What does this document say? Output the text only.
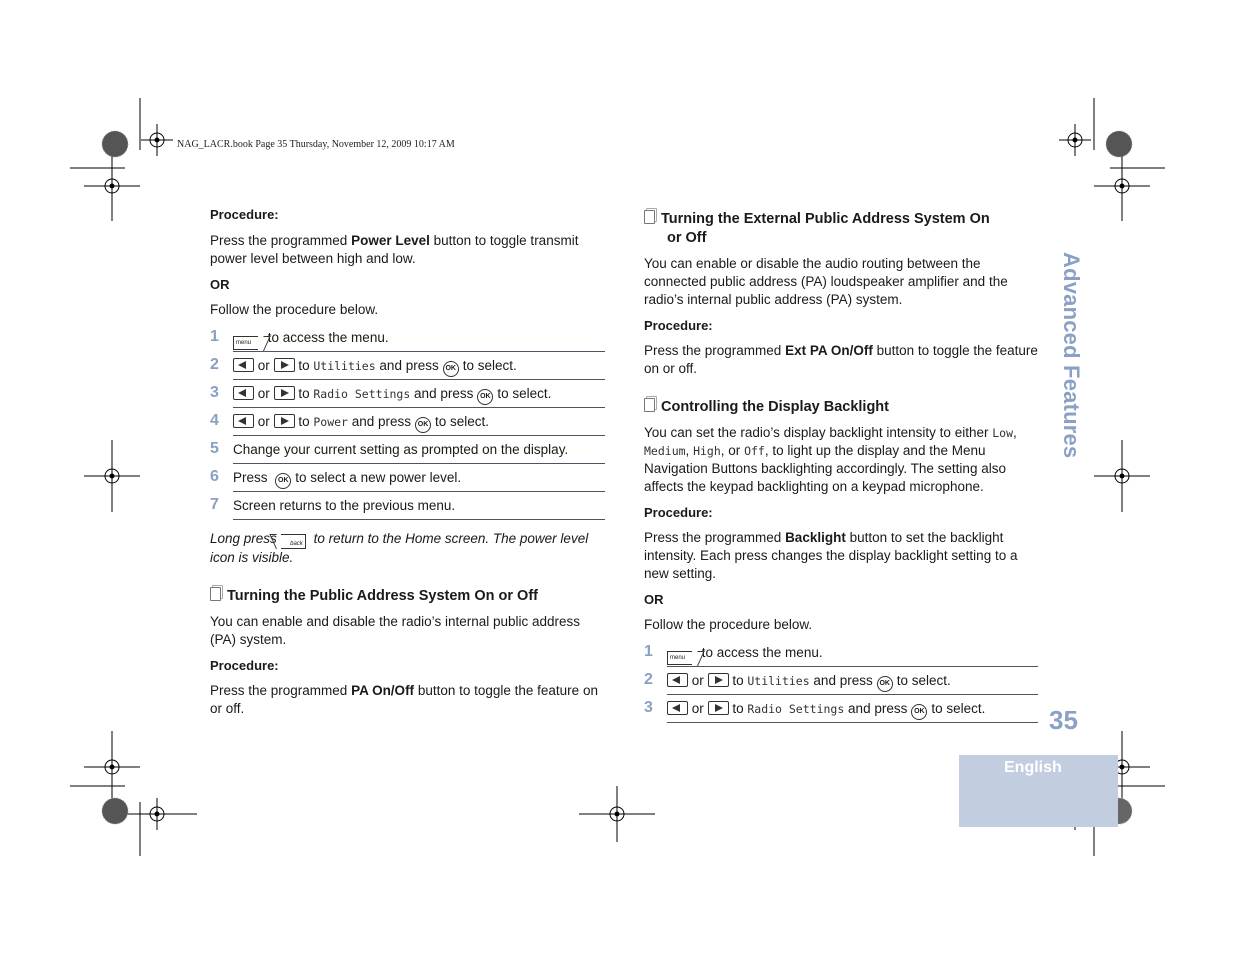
NAG_LACR.book Page 35 Thursday, November 12, 2009 10:17 AM

Procedure:

Press the programmed Power Level button to toggle transmit power level between high and low.

OR

Follow the procedure below.

1	menu to access the menu.
2	or to Utilities and press OK to select.
3	or to Radio Settings and press OK to select.
4	or to Power and press OK to select.
5	Change your current setting as prompted on the display.
6	Press OK to select a new power level.
7	Screen returns to the previous menu.

Long press back to return to the Home screen. The power level icon is visible.

Turning the Public Address System On or Off

You can enable and disable the radio’s internal public address (PA) system.

Procedure:

Press the programmed PA On/Off button to toggle the feature on or off.

Turning the External Public Address System On
or Off

You can enable or disable the audio routing between the connected public address (PA) loudspeaker amplifier and the radio’s internal public address (PA) system.

Procedure:

Press the programmed Ext PA On/Off button to toggle the feature on or off.

Controlling the Display Backlight

You can set the radio’s display backlight intensity to either Low, Medium, High, or Off, to light up the display and the Menu Navigation Buttons backlighting accordingly. The setting also affects the keypad backlighting on a keypad microphone.

Procedure:

Press the programmed Backlight button to set the backlight intensity. Each press changes the display backlight setting to a new setting.

OR

Follow the procedure below.

1	menu to access the menu.
2	or to Utilities and press OK to select.
3	or to Radio Settings and press OK to select.
Advanced Features
35
English
